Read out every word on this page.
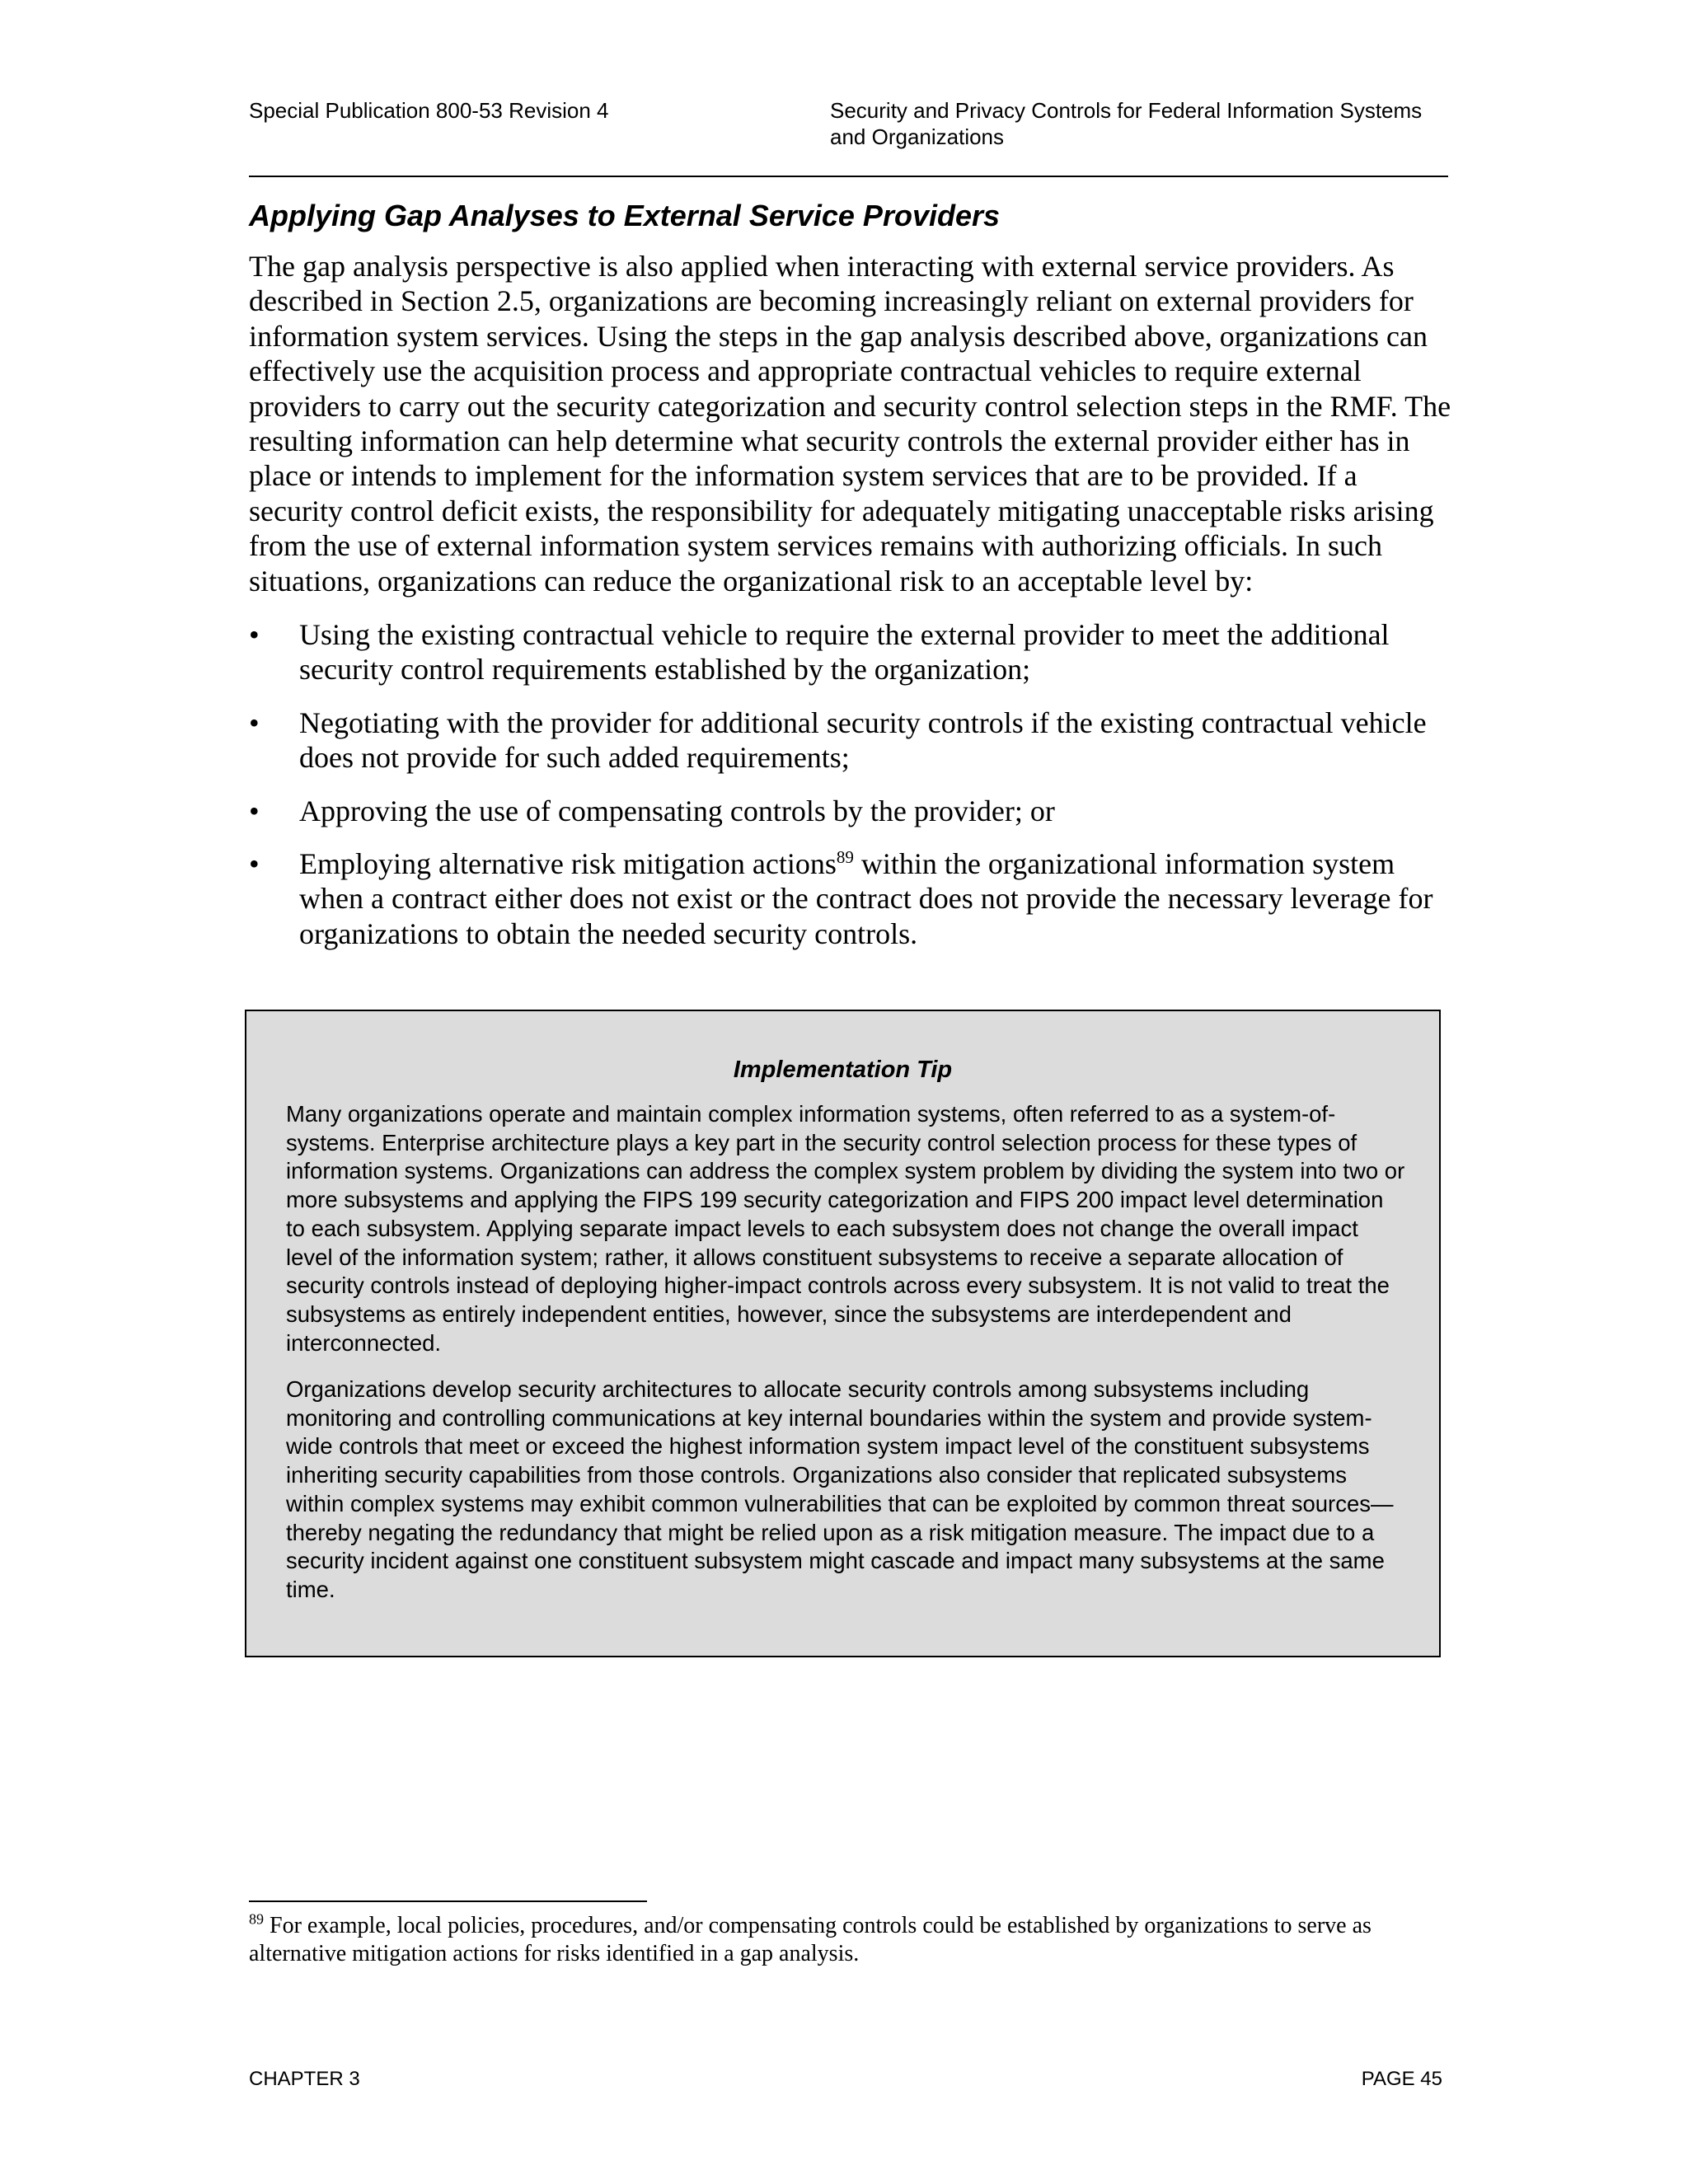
Special Publication 800-53 Revision 4	Security and Privacy Controls for Federal Information Systems
and Organizations
Applying Gap Analyses to External Service Providers

The gap analysis perspective is also applied when interacting with external service providers. As described in Section 2.5, organizations are becoming increasingly reliant on external providers for information system services. Using the steps in the gap analysis described above, organizations can effectively use the acquisition process and appropriate contractual vehicles to require external providers to carry out the security categorization and security control selection steps in the RMF. The resulting information can help determine what security controls the external provider either has in place or intends to implement for the information system services that are to be provided. If a security control deficit exists, the responsibility for adequately mitigating unacceptable risks arising from the use of external information system services remains with authorizing officials. In such situations, organizations can reduce the organizational risk to an acceptable level by:

• Using the existing contractual vehicle to require the external provider to meet the additional security control requirements established by the organization;
• Negotiating with the provider for additional security controls if the existing contractual vehicle does not provide for such added requirements;
• Approving the use of compensating controls by the provider; or
• Employing alternative risk mitigation actions$^{89}$ within the organizational information system when a contract either does not exist or the contract does not provide the necessary leverage for organizations to obtain the needed security controls.
Implementation Tip

Many organizations operate and maintain complex information systems, often referred to as a system-of-systems. Enterprise architecture plays a key part in the security control selection process for these types of information systems. Organizations can address the complex system problem by dividing the system into two or more subsystems and applying the FIPS 199 security categorization and FIPS 200 impact level determination to each subsystem. Applying separate impact levels to each subsystem does not change the overall impact level of the information system; rather, it allows constituent subsystems to receive a separate allocation of security controls instead of deploying higher-impact controls across every subsystem. It is not valid to treat the subsystems as entirely independent entities, however, since the subsystems are interdependent and interconnected.

Organizations develop security architectures to allocate security controls among subsystems including monitoring and controlling communications at key internal boundaries within the system and provide system-wide controls that meet or exceed the highest information system impact level of the constituent subsystems inheriting security capabilities from those controls. Organizations also consider that replicated subsystems within complex systems may exhibit common vulnerabilities that can be exploited by common threat sources—thereby negating the redundancy that might be relied upon as a risk mitigation measure. The impact due to a security incident against one constituent subsystem might cascade and impact many subsystems at the same time.

$^{89}$ For example, local policies, procedures, and/or compensating controls could be established by organizations to serve as alternative mitigation actions for risks identified in a gap analysis.

CHAPTER 3	PAGE 45
